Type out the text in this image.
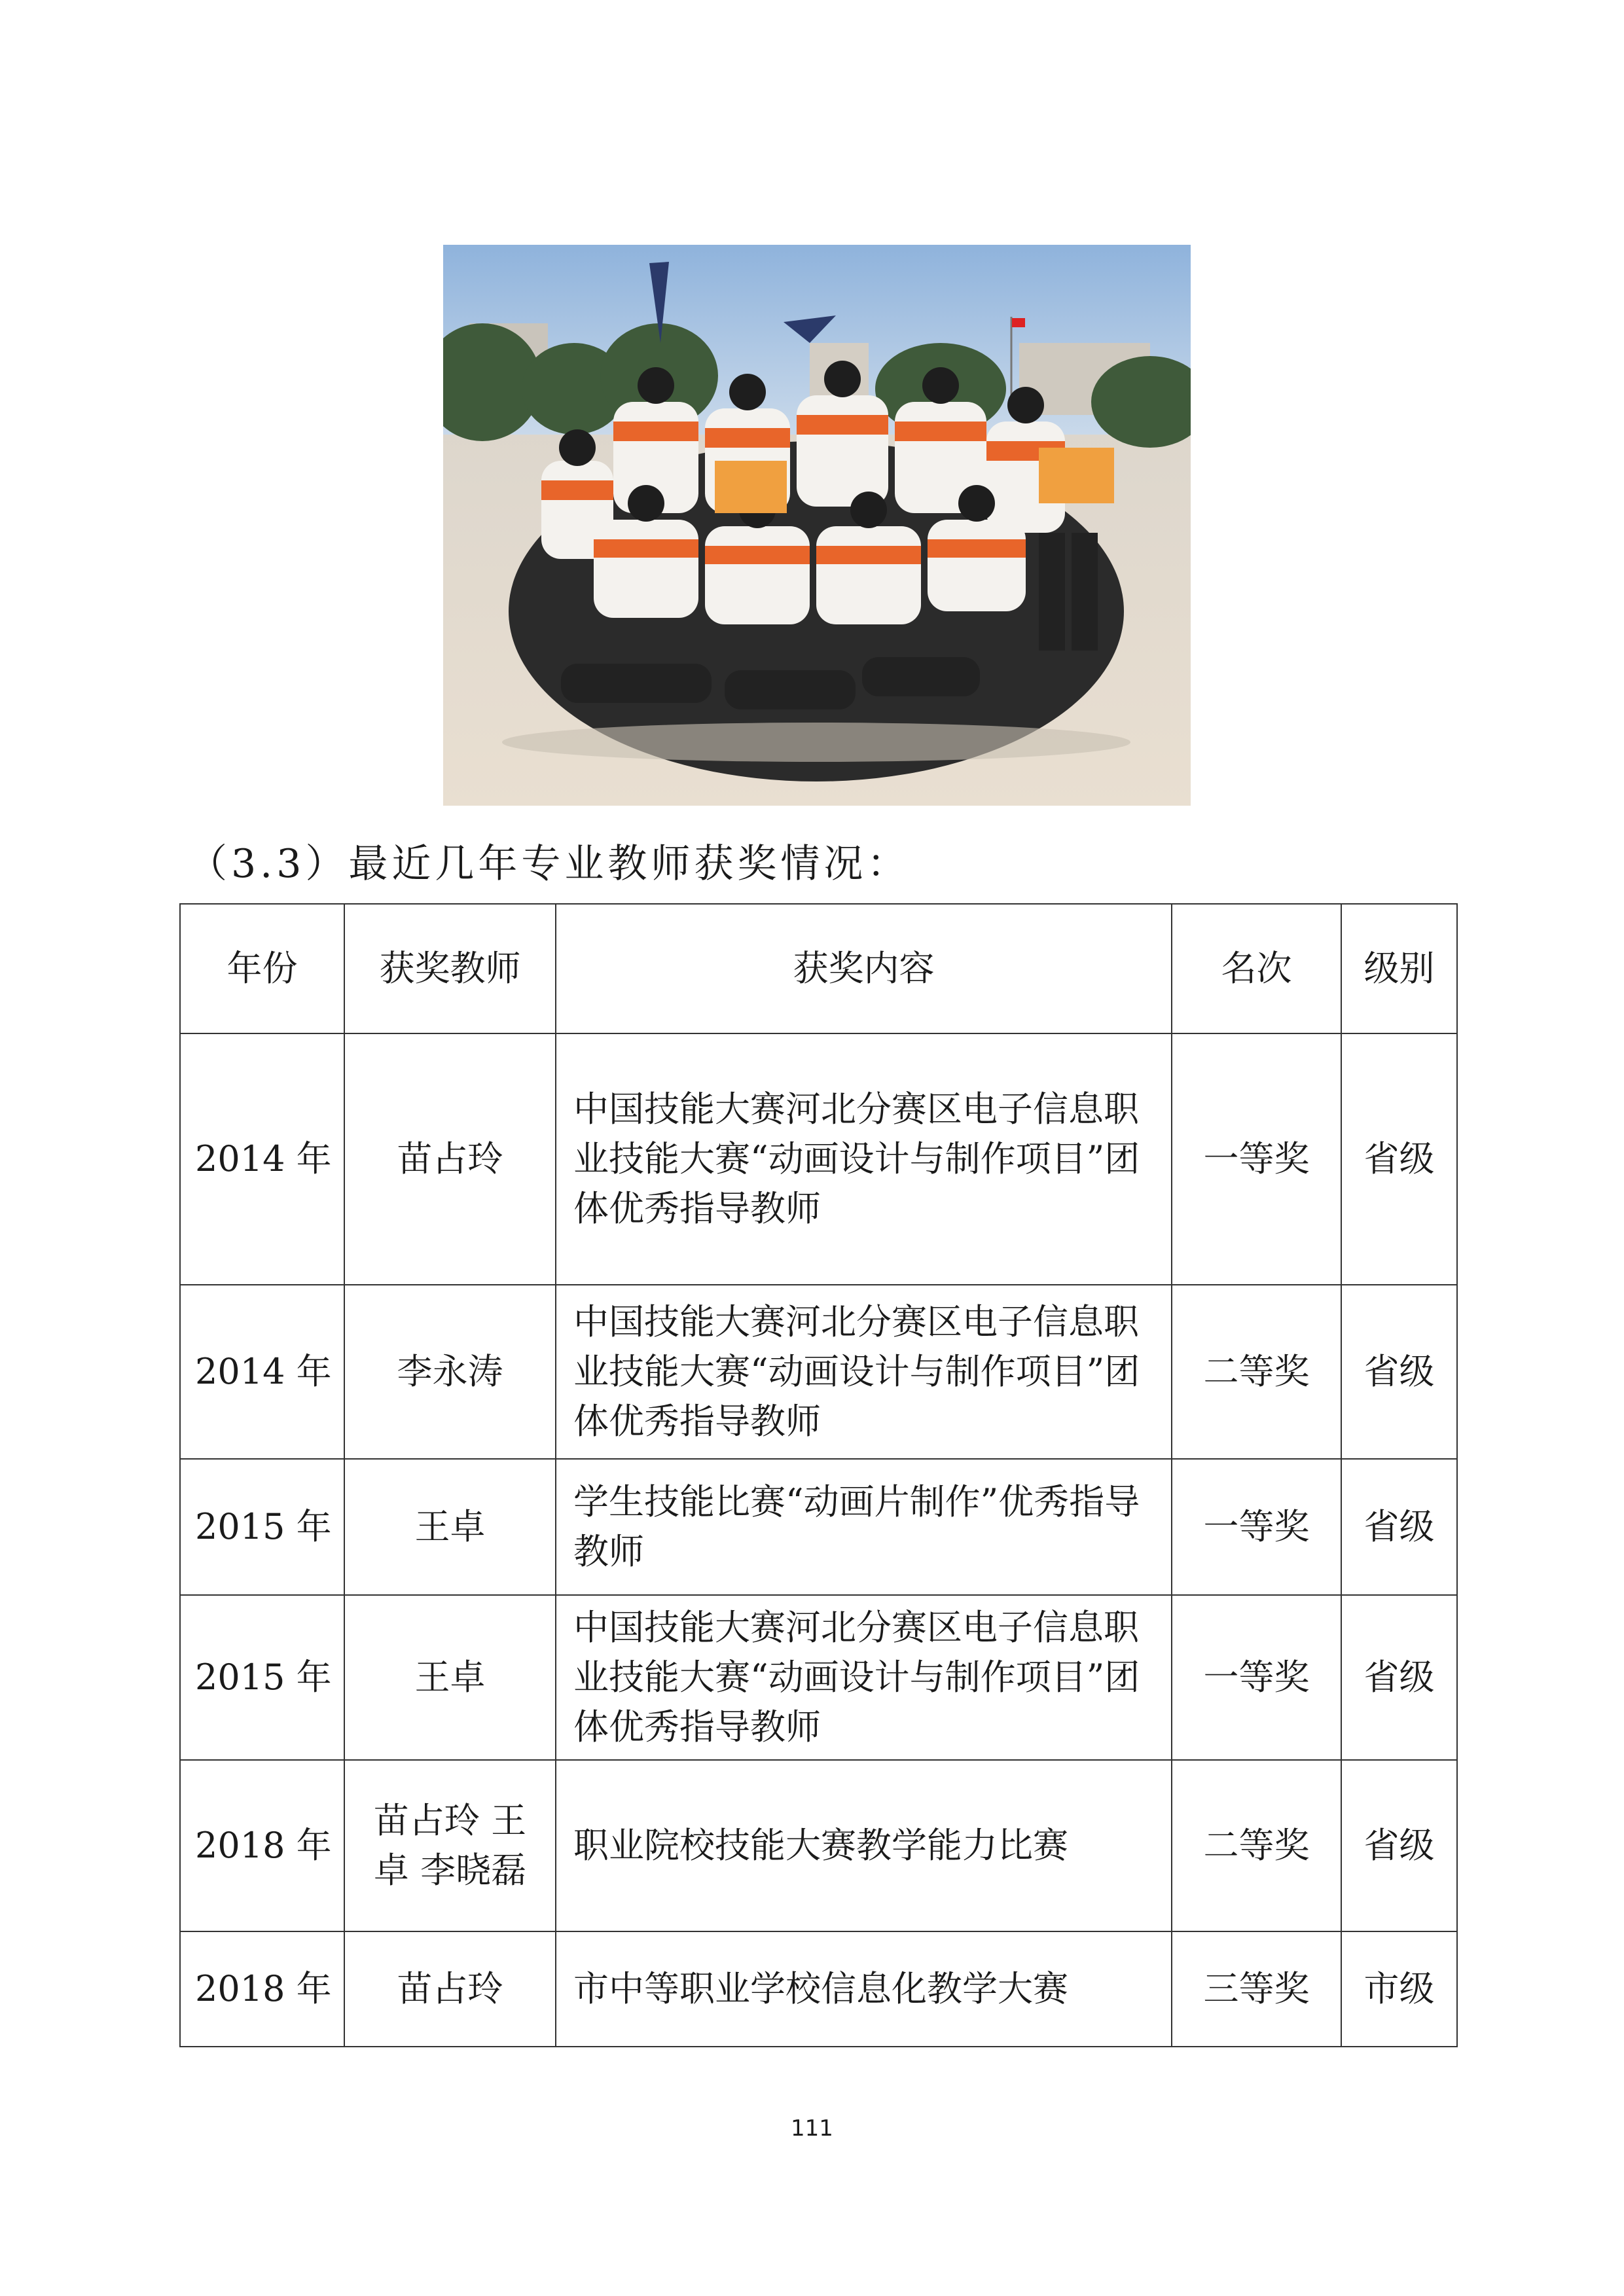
（3.3）最近几年专业教师获奖情况：
年份	获奖教师	获奖内容	名次	级别
2014 年	苗占玲	中国技能大赛河北分赛区电子信息职业技能大赛“动画设计与制作项目”团体优秀指导教师	一等奖	省级
2014 年	李永涛	中国技能大赛河北分赛区电子信息职业技能大赛“动画设计与制作项目”团体优秀指导教师	二等奖	省级
2015 年	王卓	学生技能比赛“动画片制作”优秀指导教师	一等奖	省级
2015 年	王卓	中国技能大赛河北分赛区电子信息职业技能大赛“动画设计与制作项目”团体优秀指导教师	一等奖	省级
2018 年	苗占玲 王卓 李晓磊	职业院校技能大赛教学能力比赛	二等奖	省级
2018 年	苗占玲	市中等职业学校信息化教学大赛	三等奖	市级
111
